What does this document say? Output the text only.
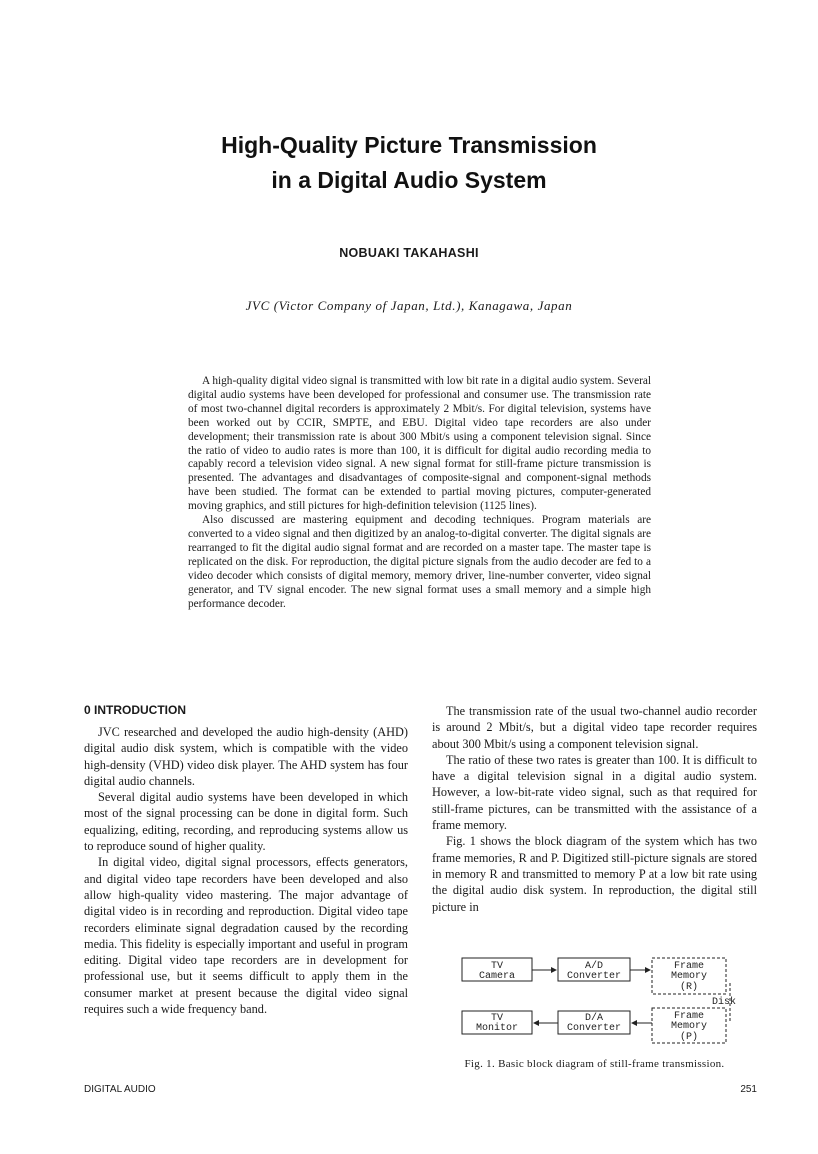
High-Quality Picture Transmission
in a Digital Audio System
NOBUAKI TAKAHASHI
JVC (Victor Company of Japan, Ltd.), Kanagawa, Japan

A high-quality digital video signal is transmitted with low bit rate in a digital audio system. Several digital audio systems have been developed for professional and consumer use. The transmission rate of most two-channel digital recorders is approximately 2 Mbit/s. For digital television, systems have been worked out by CCIR, SMPTE, and EBU. Digital video tape recorders are also under development; their transmission rate is about 300 Mbit/s using a component television signal. Since the ratio of video to audio rates is more than 100, it is difficult for digital audio recording media to capably record a television video signal. A new signal format for still-frame picture transmission is presented. The advantages and disadvantages of composite-signal and component-signal methods have been studied. The format can be extended to partial moving pictures, computer-generated moving graphics, and still pictures for high-definition television (1125 lines).

Also discussed are mastering equipment and decoding techniques. Program materials are converted to a video signal and then digitized by an analog-to-digital converter. The digital signals are rearranged to fit the digital audio signal format and are recorded on a master tape. The master tape is replicated on the disk. For reproduction, the digital picture signals from the audio decoder are fed to a video decoder which consists of digital memory, memory driver, line-number converter, video signal generator, and TV signal encoder. The new signal format uses a small memory and a simple high performance decoder.

0 INTRODUCTION

JVC researched and developed the audio high-density (AHD) digital audio disk system, which is compatible with the video high-density (VHD) video disk player. The AHD system has four digital audio channels.

Several digital audio systems have been developed in which most of the signal processing can be done in digital form. Such equalizing, editing, recording, and reproducing systems allow us to reproduce sound of higher quality.

In digital video, digital signal processors, effects generators, and digital video tape recorders have been developed and also allow high-quality video mastering. The major advantage of digital video is in recording and reproduction. Digital video tape recorders eliminate signal degradation caused by the recording media. This fidelity is especially important and useful in program editing. Digital video tape recorders are in development for professional use, but it seems difficult to apply them in the consumer market at present because the digital video signal requires such a wide frequency band.

The transmission rate of the usual two-channel audio recorder is around 2 Mbit/s, but a digital video tape recorder requires about 300 Mbit/s using a component television signal.

The ratio of these two rates is greater than 100. It is difficult to have a digital television signal in a digital audio system. However, a low-bit-rate video signal, such as that required for still-frame pictures, can be transmitted with the assistance of a frame memory.

Fig. 1 shows the block diagram of the system which has two frame memories, R and P. Digitized still-picture signals are stored in memory R and transmitted to memory P at a low bit rate using the digital audio disk system. In reproduction, the digital still picture in

TV
Camera
A/D
Converter
Frame
Memory
(R)
Disk
TV
Monitor
D/A
Converter
Frame
Memory
(P)
Fig. 1. Basic block diagram of still-frame transmission.
DIGITAL AUDIO	251
